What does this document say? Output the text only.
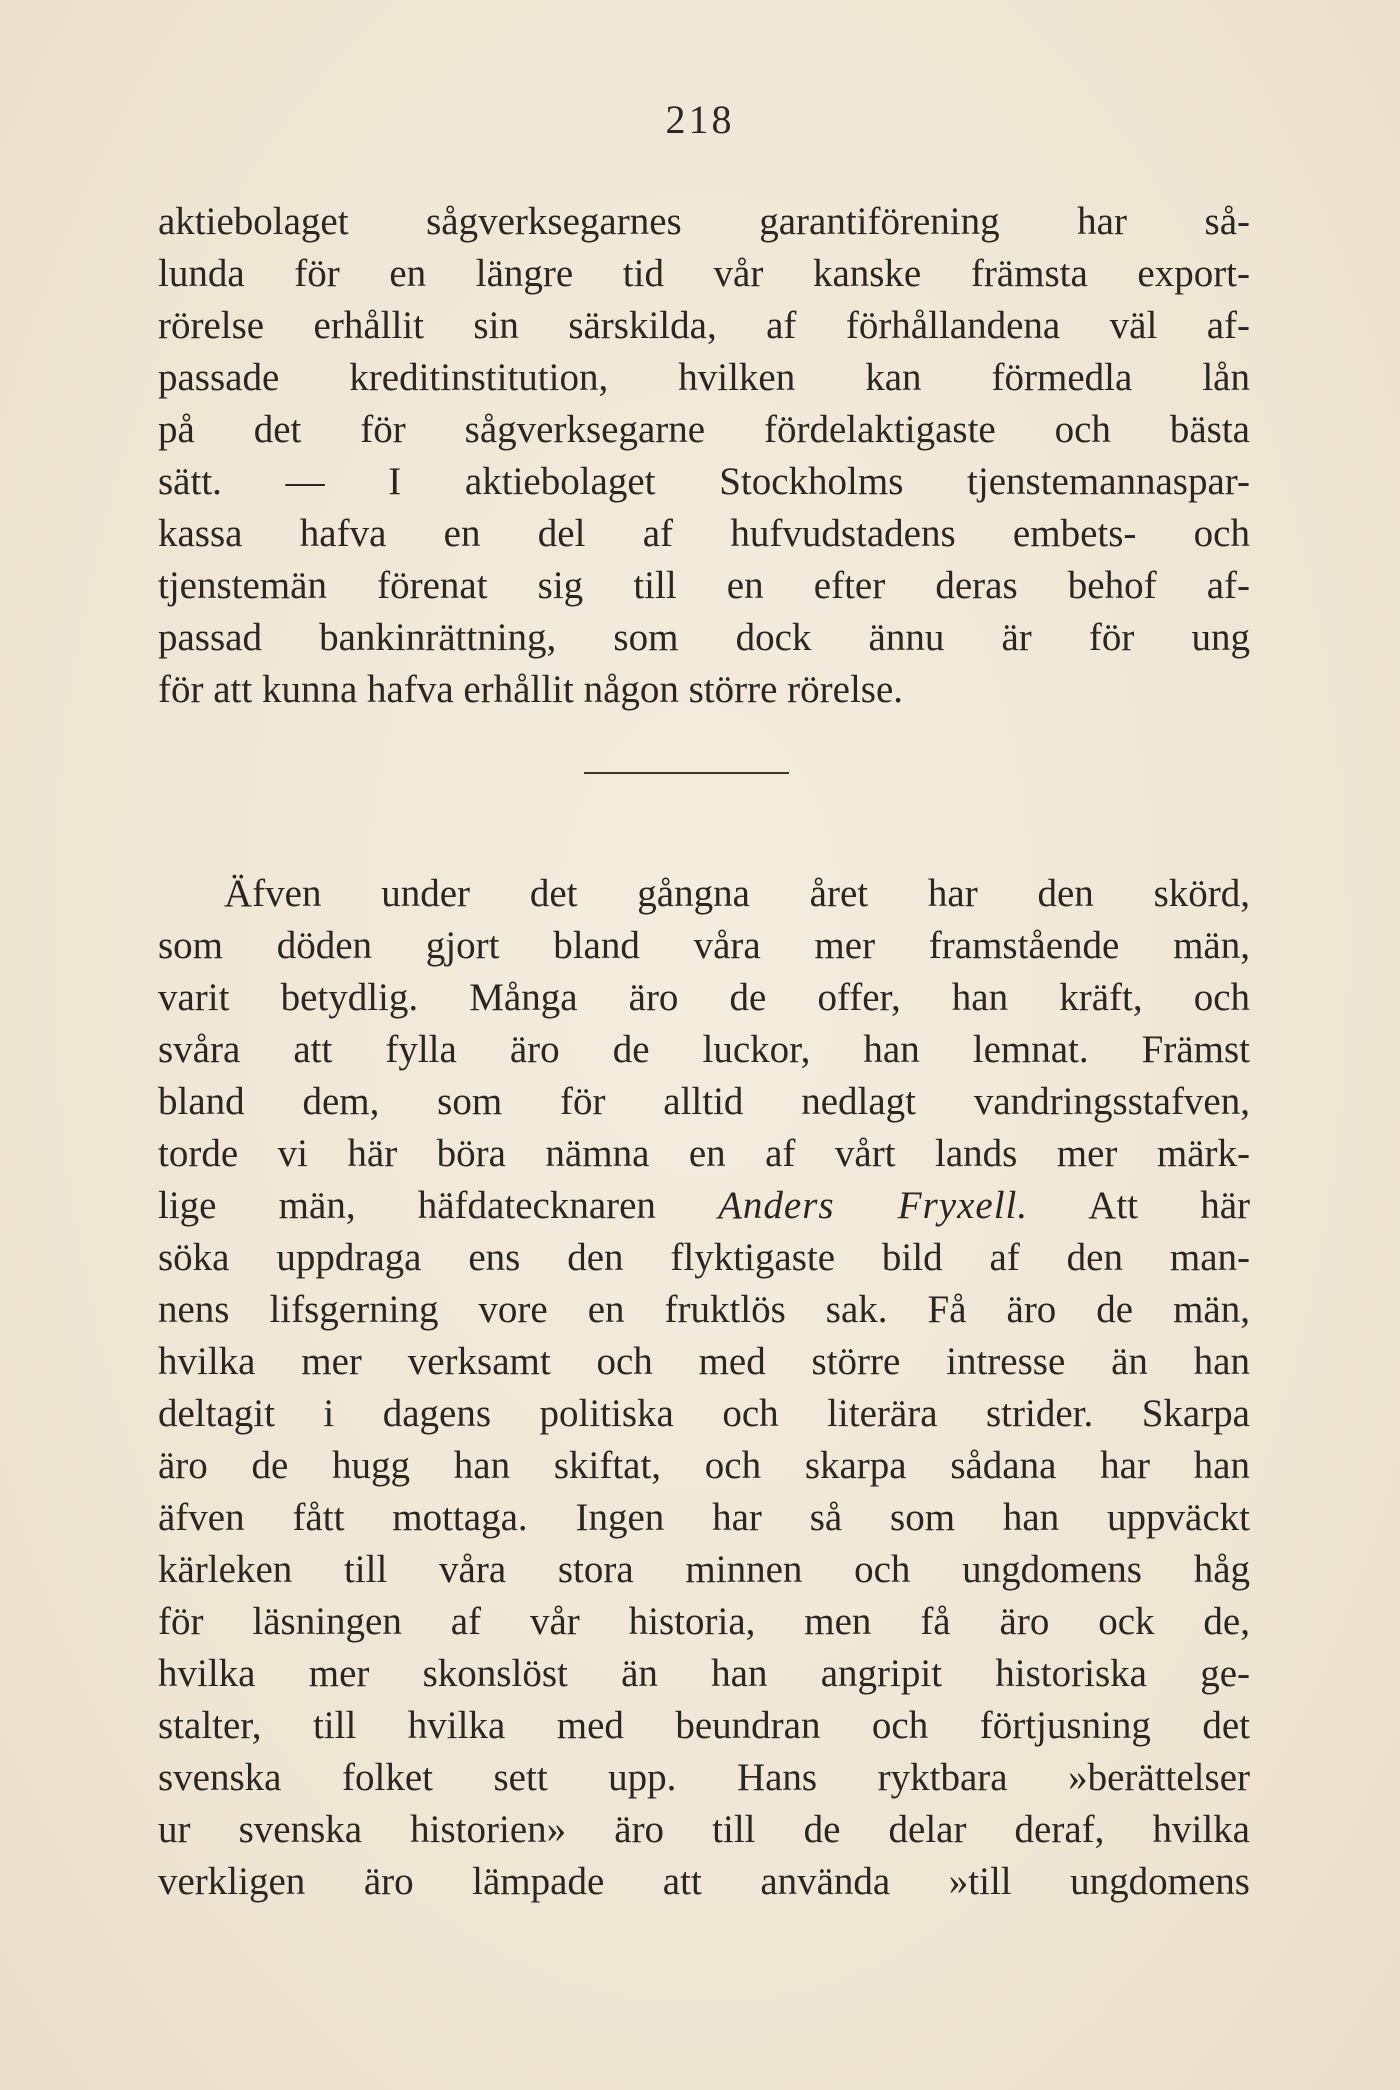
218
aktiebolaget sågverksegarnes garantiförening har så-
lunda för en längre tid vår kanske främsta export-
rörelse erhållit sin särskilda, af förhållandena väl af-
passade kreditinstitution, hvilken kan förmedla lån
på det för sågverksegarne fördelaktigaste och bästa
sätt. — I aktiebolaget Stockholms tjenstemannaspar-
kassa hafva en del af hufvudstadens embets- och
tjenstemän förenat sig till en efter deras behof af-
passad bankinrättning, som dock ännu är för ung
för att kunna hafva erhållit någon större rörelse.
Äfven under det gångna året har den skörd,
som döden gjort bland våra mer framstående män,
varit betydlig. Många äro de offer, han kräft, och
svåra att fylla äro de luckor, han lemnat. Främst
bland dem, som för alltid nedlagt vandringsstafven,
torde vi här böra nämna en af vårt lands mer märk-
lige män, häfdatecknaren Anders Fryxell. Att här
söka uppdraga ens den flyktigaste bild af den man-
nens lifsgerning vore en fruktlös sak. Få äro de män,
hvilka mer verksamt och med större intresse än han
deltagit i dagens politiska och literära strider. Skarpa
äro de hugg han skiftat, och skarpa sådana har han
äfven fått mottaga. Ingen har så som han uppväckt
kärleken till våra stora minnen och ungdomens håg
för läsningen af vår historia, men få äro ock de,
hvilka mer skonslöst än han angripit historiska ge-
stalter, till hvilka med beundran och förtjusning det
svenska folket sett upp. Hans ryktbara »berättelser
ur svenska historien» äro till de delar deraf, hvilka
verkligen äro lämpade att använda »till ungdomens
